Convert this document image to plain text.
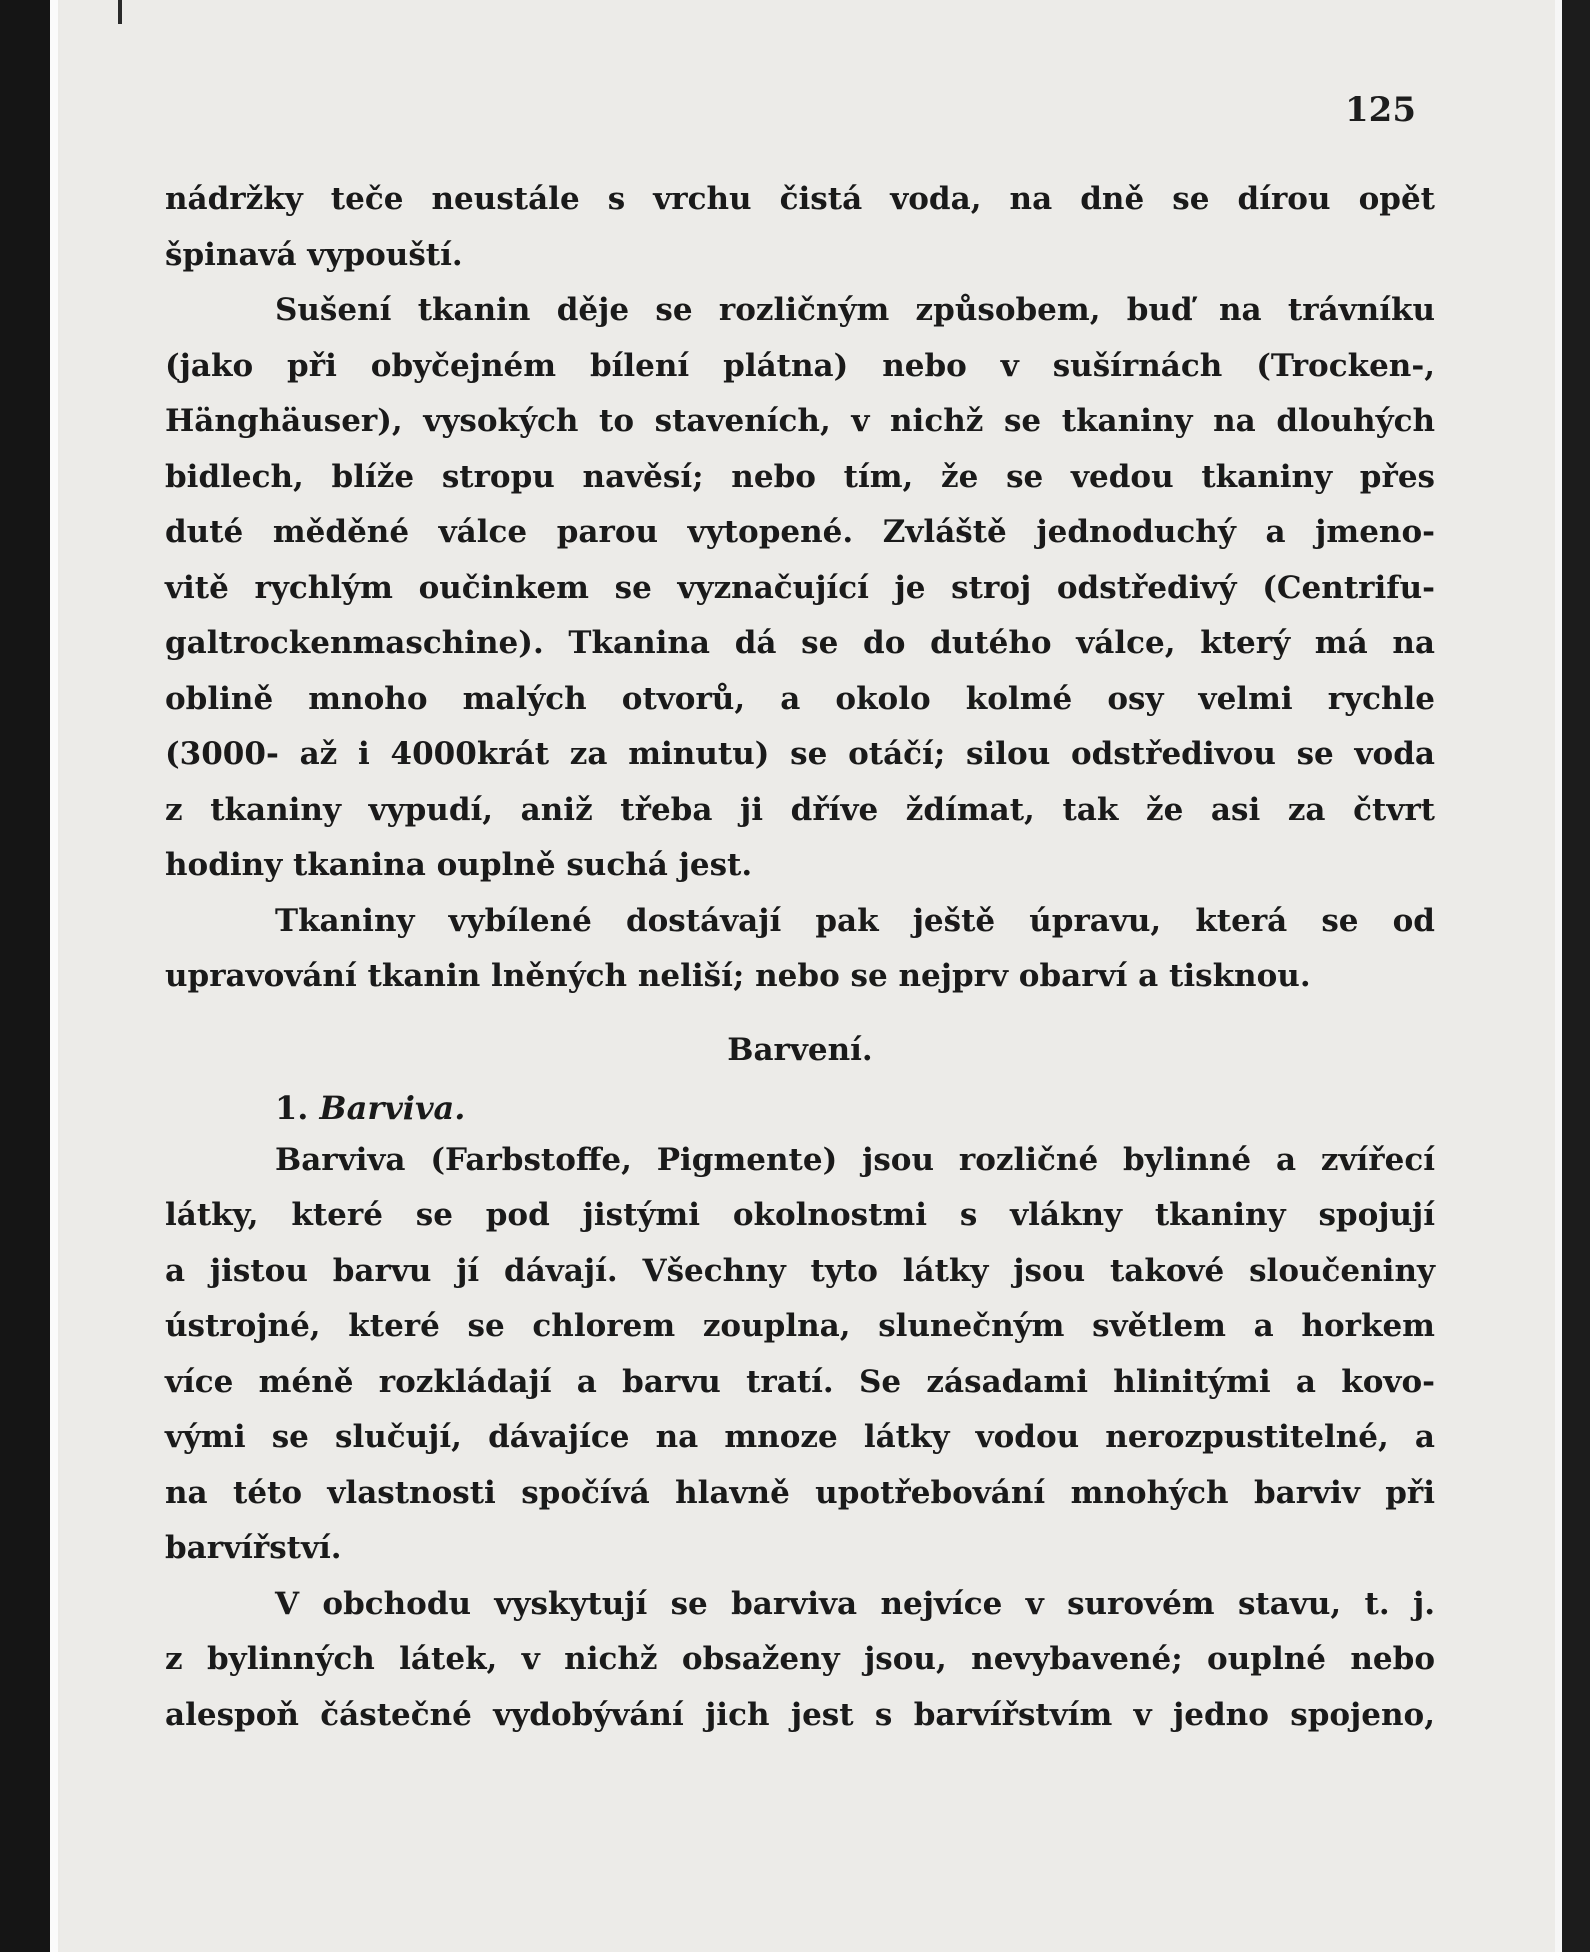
125

nádržky teče neustále s vrchu čistá voda, na dně se dírou opět
špinavá vypouští.

Sušení tkanin děje se rozličným způsobem, buď na trávníku
(jako při obyčejném bílení plátna) nebo v sušírnách (Trocken-,
Hänghäuser), vysokých to staveních, v nichž se tkaniny na dlouhých
bidlech, blíže stropu navěsí; nebo tím, že se vedou tkaniny přes
duté měděné válce parou vytopené. Zvláště jednoduchý a jmeno-
vitě rychlým oučinkem se vyznačující je stroj odstředivý (Centrifu-
galtrockenmaschine). Tkanina dá se do dutého válce, který má na
oblině mnoho malých otvorů, a okolo kolmé osy velmi rychle
(3000- až i 4000krát za minutu) se otáčí; silou odstředivou se voda
z tkaniny vypudí, aniž třeba ji dříve ždímat, tak že asi za čtvrt
hodiny tkanina ouplně suchá jest.

Tkaniny vybílené dostávají pak ještě úpravu, která se od
upravování tkanin lněných neliší; nebo se nejprv obarví a tisknou.

Barvení.
1. Barviva.

Barviva (Farbstoffe, Pigmente) jsou rozličné bylinné a zvířecí
látky, které se pod jistými okolnostmi s vlákny tkaniny spojují
a jistou barvu jí dávají. Všechny tyto látky jsou takové sloučeniny
ústrojné, které se chlorem zouplna, slunečným světlem a horkem
více méně rozkládají a barvu tratí. Se zásadami hlinitými a kovo-
vými se slučují, dávajíce na mnoze látky vodou nerozpustitelné, a
na této vlastnosti spočívá hlavně upotřebování mnohých barviv při
barvířství.

V obchodu vyskytují se barviva nejvíce v surovém stavu, t. j.
z bylinných látek, v nichž obsaženy jsou, nevybavené; ouplné nebo
alespoň částečné vydobývání jich jest s barvířstvím v jedno spojeno,
